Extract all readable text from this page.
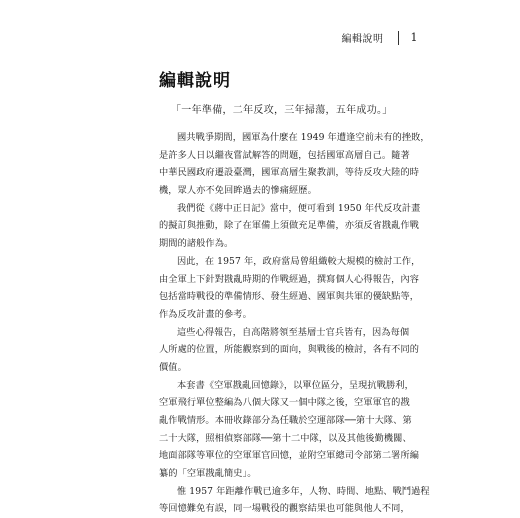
編輯說明 1
編輯說明
「一年準備，二年反攻，三年掃蕩，五年成功。」
國共戰爭期間，國軍為什麼在 1949 年遭逢空前未有的挫敗，
是許多人日以繼夜嘗試解答的問題，包括國軍高層自己。隨著
中華民國政府遷設臺灣，國軍高層生聚教訓，等待反攻大陸的時
機，眾人亦不免回眸過去的慘痛經歷。
我們從《蔣中正日記》當中，便可看到 1950 年代反攻計畫
的擬訂與推動，除了在軍備上須做充足準備，亦須反省戡亂作戰
期間的諸般作為。
因此，在 1957 年，政府當局曾組織較大規模的檢討工作，
由全軍上下針對戡亂時期的作戰經過，撰寫個人心得報告，內容
包括當時戰役的準備情形、發生經過、國軍與共軍的優缺點等，
作為反攻計畫的參考。
這些心得報告，自高階將領至基層士官兵皆有，因為每個
人所處的位置，所能觀察到的面向，與戰後的檢討，各有不同的
價值。
本套書《空軍戡亂回憶錄》，以單位區分，呈現抗戰勝利，
空軍飛行單位整編為八個大隊又一個中隊之後，空軍軍官的戡
亂作戰情形。本冊收錄部分為任職於空運部隊──第十大隊、第
二十大隊，照相偵察部隊──第十二中隊，以及其他後勤機關、
地面部隊等單位的空軍軍官回憶，並附空軍總司令部第二署所編
纂的「空軍戡亂簡史」。
惟 1957 年距離作戰已逾多年，人物、時間、地點、戰鬥過程
等回憶難免有誤，同一場戰役的觀察結果也可能與他人不同，
